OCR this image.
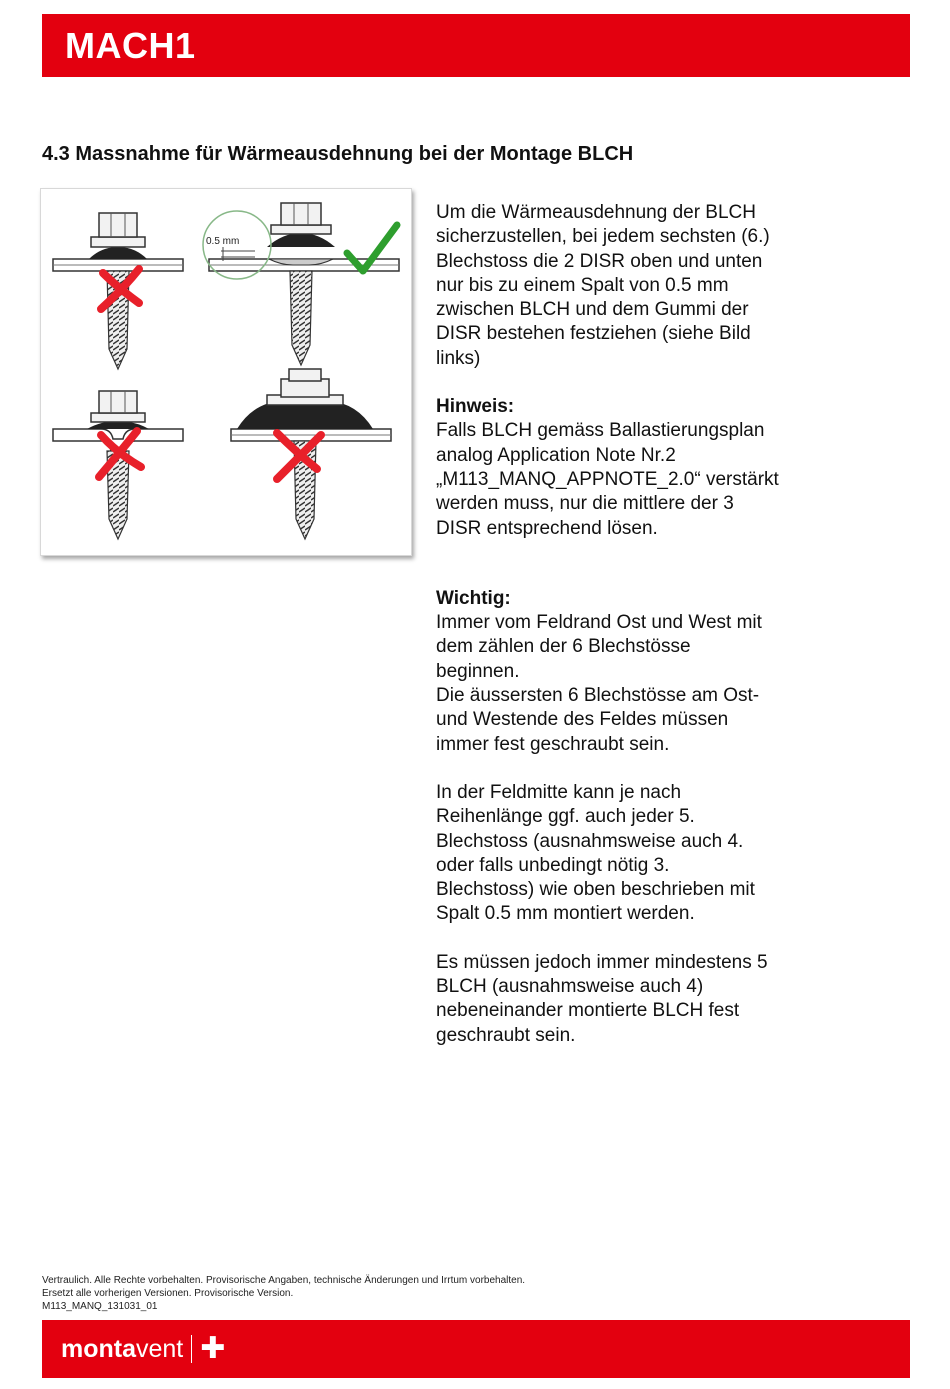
MACH1
4.3 Massnahme für Wärmeausdehnung bei der Montage BLCH
0.5 mm

Um die Wärmeausdehnung der BLCH
sicherzustellen, bei jedem sechsten (6.)
Blechstoss die 2 DISR oben und unten
nur bis zu einem Spalt von 0.5 mm
zwischen BLCH und dem Gummi der
DISR bestehen festziehen (siehe Bild
links)

Hinweis:

Falls BLCH gemäss Ballastierungsplan
analog Application Note Nr.2
„M113_MANQ_APPNOTE_2.0“ verstärkt
werden muss, nur die mittlere der 3
DISR entsprechend lösen.

Wichtig:

Immer vom Feldrand Ost und West mit
dem zählen der 6 Blechstösse
beginnen.
Die äussersten 6 Blechstösse am Ost-
und Westende des Feldes müssen
immer fest geschraubt sein.

In der Feldmitte kann je nach
Reihenlänge ggf. auch jeder 5.
Blechstoss (ausnahmsweise auch 4.
oder falls unbedingt nötig 3.
Blechstoss) wie oben beschrieben mit
Spalt 0.5 mm montiert werden.

Es müssen jedoch immer mindestens 5
BLCH (ausnahmsweise auch 4)
nebeneinander montierte BLCH fest
geschraubt sein.

Vertraulich. Alle Rechte vorbehalten. Provisorische Angaben, technische Änderungen und Irrtum vorbehalten.
Ersetzt alle vorherigen Versionen. Provisorische Version.
M113_MANQ_131031_01
monta vent ✚
